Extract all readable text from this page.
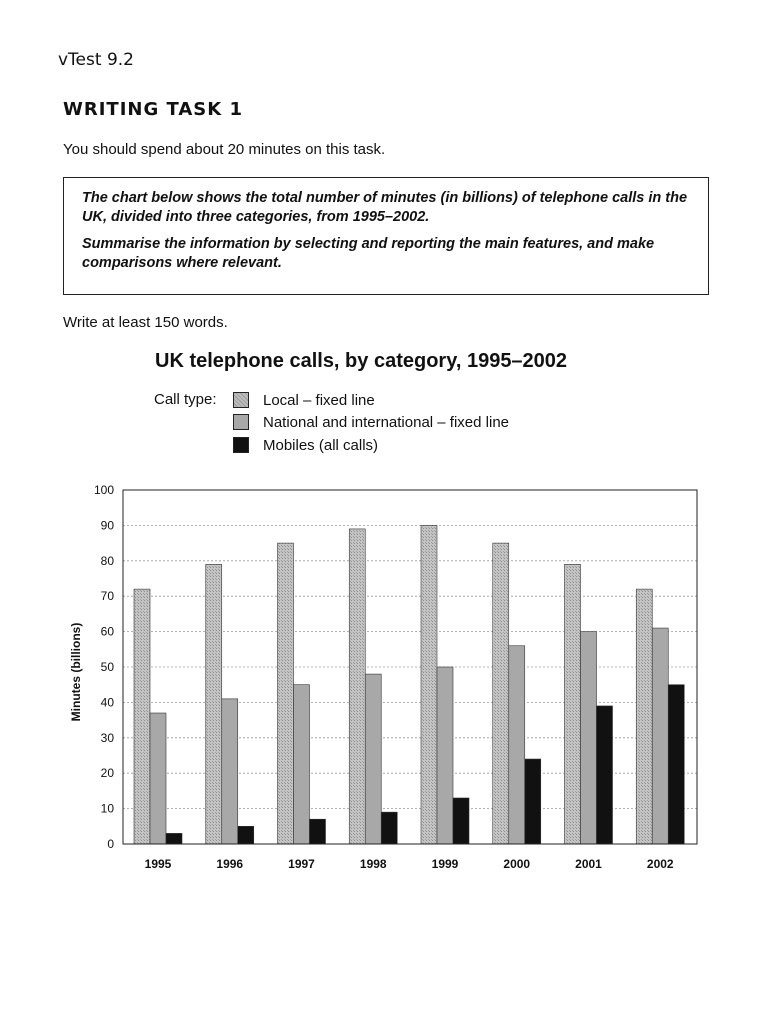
vTest 9.2
WRITING TASK 1
You should spend about 20 minutes on this task.

The chart below shows the total number of minutes (in billions) of telephone calls in the UK, divided into three categories, from 1995–2002.

Summarise the information by selecting and reporting the main features, and make comparisons where relevant.

Write at least 150 words.
UK telephone calls, by category, 1995–2002
Call type:	Local – fixed line
National and international – fixed line
Mobiles (all calls)
0
10
20
30
40
50
60
70
80
90
100
1995	1996	1997	1998	1999	2000	2001	2002
Minutes (billions)
